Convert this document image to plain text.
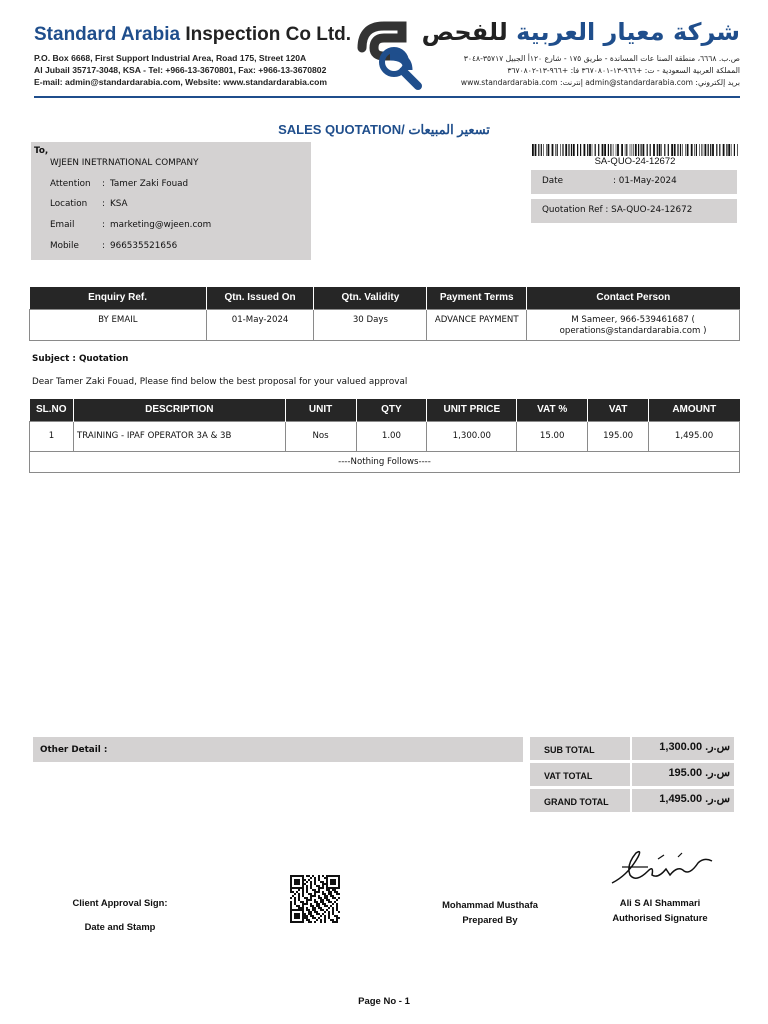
Standard Arabia Inspection Co Ltd.
P.O. Box 6668, First Support Industrial Area, Road 175, Street 120A
Al Jubail 35717-3048, KSA - Tel: +966-13-3670801, Fax: +966-13-3670802
E-mail: admin@standardarabia.com, Website: www.standardarabia.com
شركة معيار العربية للفحص
ص.ب. ٦٦٦٨، منطقة الصنا عات المساندة - طريق ١٧٥ - شارع ١٢٠أ الجبيل ٣٥٧١٧-٣٠٤٨
المملكة العربية السعودية - ت: +٩٦٦-١٣-٣٦٧٠٨٠١ فا: +٩٦٦-١٣-٣٦٧٠٨٠٢
بريد إلكتروني: admin@standardarabia.com إنترنت: www.standardarabia.com
SALES QUOTATION/ تسعير المبيعات
To,
WJEEN INETRNATIONAL COMPANY
Attention : Tamer Zaki Fouad
Location : KSA
Email	: marketing@wjeen.com
Mobile	: 966535521656
SA-QUO-24-12672
Date	: 01-May-2024
Quotation Ref : SA-QUO-24-12672
Enquiry Ref.	Qtn. Issued On	Qtn. Validity	Payment Terms	Contact Person
BY EMAIL	01-May-2024	30 Days	ADVANCE PAYMENT	M Sameer, 966-539461687 ( operations@standardarabia.com )
Subject : Quotation
Dear Tamer Zaki Fouad, Please find below the best proposal for your valued approval
SL.NO	DESCRIPTION	UNIT	QTY	UNIT PRICE	VAT %	VAT	AMOUNT
1	TRAINING - IPAF OPERATOR 3A & 3B	Nos	1.00	1,300.00	15.00	195.00	1,495.00
----Nothing Follows----							
Other Detail :	SUB TOTAL	1,300.00 .س.ر
VAT TOTAL	195.00 .س.ر
GRAND TOTAL	1,495.00 .س.ر
Client Approval Sign:
Date and Stamp
Mohammad Musthafa
Prepared By
Ali S Al Shammari
Authorised Signature
Page No - 1
